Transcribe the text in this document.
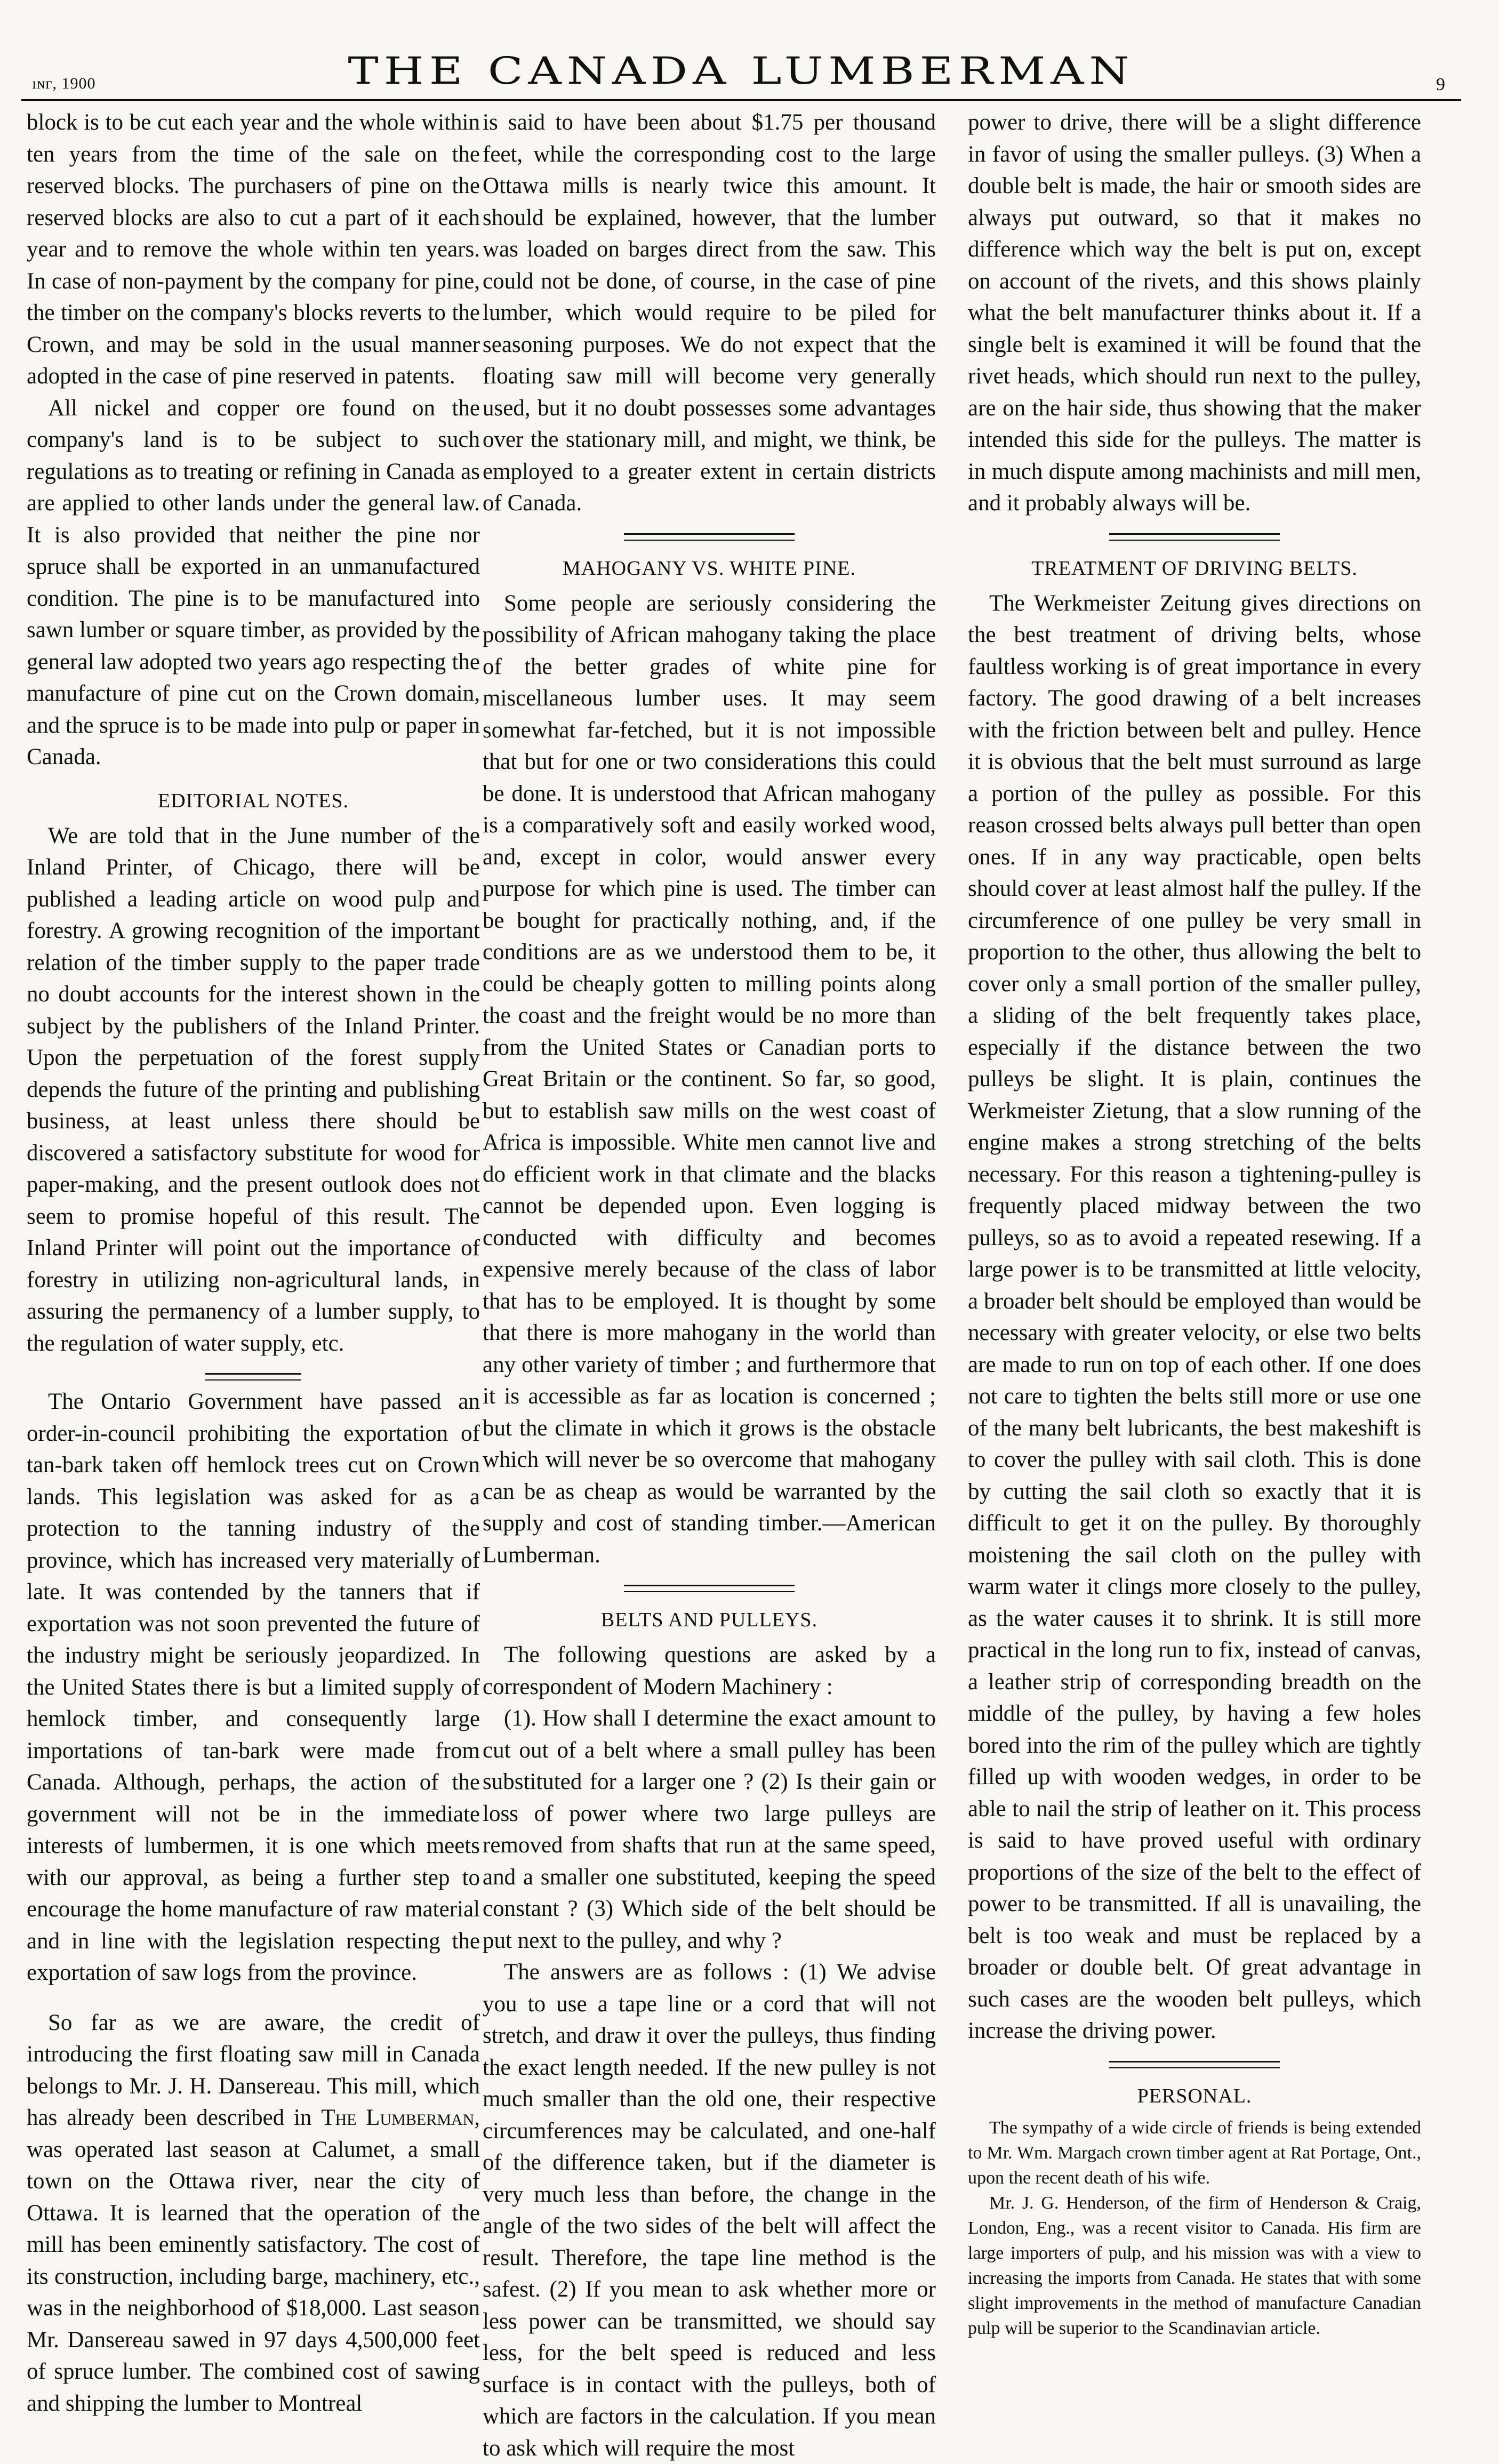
ıɴᴦ, 1900	THE CANADA LUMBERMAN	9

block is to be cut each year and the whole within ten years from the time of the sale on the reserved blocks. The purchasers of pine on the reserved blocks are also to cut a part of it each year and to remove the whole within ten years. In case of non-payment by the company for pine, the timber on the company's blocks reverts to the Crown, and may be sold in the usual manner adopted in the case of pine reserved in patents.

All nickel and copper ore found on the company's land is to be subject to such regulations as to treating or refining in Canada as are applied to other lands under the general law. It is also provided that neither the pine nor spruce shall be exported in an unmanufactured condition. The pine is to be manufactured into sawn lumber or square timber, as provided by the general law adopted two years ago respecting the manufacture of pine cut on the Crown domain, and the spruce is to be made into pulp or paper in Canada.

EDITORIAL NOTES.

We are told that in the June number of the Inland Printer, of Chicago, there will be published a leading article on wood pulp and forestry. A growing recognition of the important relation of the timber supply to the paper trade no doubt accounts for the interest shown in the subject by the publishers of the Inland Printer. Upon the perpetuation of the forest supply depends the future of the printing and publishing business, at least unless there should be discovered a satisfactory substitute for wood for paper-making, and the present outlook does not seem to promise hopeful of this result. The Inland Printer will point out the importance of forestry in utilizing non-agricultural lands, in assuring the permanency of a lumber supply, to the regulation of water supply, etc.

The Ontario Government have passed an order-in-council prohibiting the exportation of tan-bark taken off hemlock trees cut on Crown lands. This legislation was asked for as a protection to the tanning industry of the province, which has increased very materially of late. It was contended by the tanners that if exportation was not soon prevented the future of the industry might be seriously jeopardized. In the United States there is but a limited supply of hemlock timber, and consequently large importations of tan-bark were made from Canada. Although, perhaps, the action of the government will not be in the immediate interests of lumbermen, it is one which meets with our approval, as being a further step to encourage the home manufacture of raw material and in line with the legislation respecting the exportation of saw logs from the province.

So far as we are aware, the credit of introducing the first floating saw mill in Canada belongs to Mr. J. H. Dansereau. This mill, which has already been described in The Lumberman, was operated last season at Calumet, a small town on the Ottawa river, near the city of Ottawa. It is learned that the operation of the mill has been eminently satisfactory. The cost of its construction, including barge, machinery, etc., was in the neighborhood of $18,000. Last season Mr. Dansereau sawed in 97 days 4,500,000 feet of spruce lumber. The combined cost of sawing and shipping the lumber to Montreal

is said to have been about $1.75 per thousand feet, while the corresponding cost to the large Ottawa mills is nearly twice this amount. It should be explained, however, that the lumber was loaded on barges direct from the saw. This could not be done, of course, in the case of pine lumber, which would require to be piled for seasoning purposes. We do not expect that the floating saw mill will become very generally used, but it no doubt possesses some advantages over the stationary mill, and might, we think, be employed to a greater extent in certain districts of Canada.

MAHOGANY VS. WHITE PINE.

Some people are seriously considering the possibility of African mahogany taking the place of the better grades of white pine for miscellaneous lumber uses. It may seem somewhat far-fetched, but it is not impossible that but for one or two considerations this could be done. It is understood that African mahogany is a comparatively soft and easily worked wood, and, except in color, would answer every purpose for which pine is used. The timber can be bought for practically nothing, and, if the conditions are as we understood them to be, it could be cheaply gotten to milling points along the coast and the freight would be no more than from the United States or Canadian ports to Great Britain or the continent. So far, so good, but to establish saw mills on the west coast of Africa is impossible. White men cannot live and do efficient work in that climate and the blacks cannot be depended upon. Even logging is conducted with difficulty and becomes expensive merely because of the class of labor that has to be employed. It is thought by some that there is more mahogany in the world than any other variety of timber ; and furthermore that it is accessible as far as location is concerned ; but the climate in which it grows is the obstacle which will never be so overcome that mahogany can be as cheap as would be warranted by the supply and cost of standing timber.—American Lumberman.

BELTS AND PULLEYS.

The following questions are asked by a correspondent of Modern Machinery :

(1). How shall I determine the exact amount to cut out of a belt where a small pulley has been substituted for a larger one ? (2) Is their gain or loss of power where two large pulleys are removed from shafts that run at the same speed, and a smaller one substituted, keeping the speed constant ? (3) Which side of the belt should be put next to the pulley, and why ?

The answers are as follows : (1) We advise you to use a tape line or a cord that will not stretch, and draw it over the pulleys, thus finding the exact length needed. If the new pulley is not much smaller than the old one, their respective circumferences may be calculated, and one-half of the difference taken, but if the diameter is very much less than before, the change in the angle of the two sides of the belt will affect the result. Therefore, the tape line method is the safest. (2) If you mean to ask whether more or less power can be transmitted, we should say less, for the belt speed is reduced and less surface is in contact with the pulleys, both of which are factors in the calculation. If you mean to ask which will require the most

power to drive, there will be a slight difference in favor of using the smaller pulleys. (3) When a double belt is made, the hair or smooth sides are always put outward, so that it makes no difference which way the belt is put on, except on account of the rivets, and this shows plainly what the belt manufacturer thinks about it. If a single belt is examined it will be found that the rivet heads, which should run next to the pulley, are on the hair side, thus showing that the maker intended this side for the pulleys. The matter is in much dispute among machinists and mill men, and it probably always will be.

TREATMENT OF DRIVING BELTS.

The Werkmeister Zeitung gives directions on the best treatment of driving belts, whose faultless working is of great importance in every factory. The good drawing of a belt increases with the friction between belt and pulley. Hence it is obvious that the belt must surround as large a portion of the pulley as possible. For this reason crossed belts always pull better than open ones. If in any way practicable, open belts should cover at least almost half the pulley. If the circumference of one pulley be very small in proportion to the other, thus allowing the belt to cover only a small portion of the smaller pulley, a sliding of the belt frequently takes place, especially if the distance between the two pulleys be slight. It is plain, continues the Werkmeister Zietung, that a slow running of the engine makes a strong stretching of the belts necessary. For this reason a tightening-pulley is frequently placed midway between the two pulleys, so as to avoid a repeated resewing. If a large power is to be transmitted at little velocity, a broader belt should be employed than would be necessary with greater velocity, or else two belts are made to run on top of each other. If one does not care to tighten the belts still more or use one of the many belt lubricants, the best makeshift is to cover the pulley with sail cloth. This is done by cutting the sail cloth so exactly that it is difficult to get it on the pulley. By thoroughly moistening the sail cloth on the pulley with warm water it clings more closely to the pulley, as the water causes it to shrink. It is still more practical in the long run to fix, instead of canvas, a leather strip of corresponding breadth on the middle of the pulley, by having a few holes bored into the rim of the pulley which are tightly filled up with wooden wedges, in order to be able to nail the strip of leather on it. This process is said to have proved useful with ordinary proportions of the size of the belt to the effect of power to be transmitted. If all is unavailing, the belt is too weak and must be replaced by a broader or double belt. Of great advantage in such cases are the wooden belt pulleys, which increase the driving power.

PERSONAL.

The sympathy of a wide circle of friends is being extended to Mr. Wm. Margach crown timber agent at Rat Portage, Ont., upon the recent death of his wife.

Mr. J. G. Henderson, of the firm of Henderson & Craig, London, Eng., was a recent visitor to Canada. His firm are large importers of pulp, and his mission was with a view to increasing the imports from Canada. He states that with some slight improvements in the method of manufacture Canadian pulp will be superior to the Scandinavian article.
